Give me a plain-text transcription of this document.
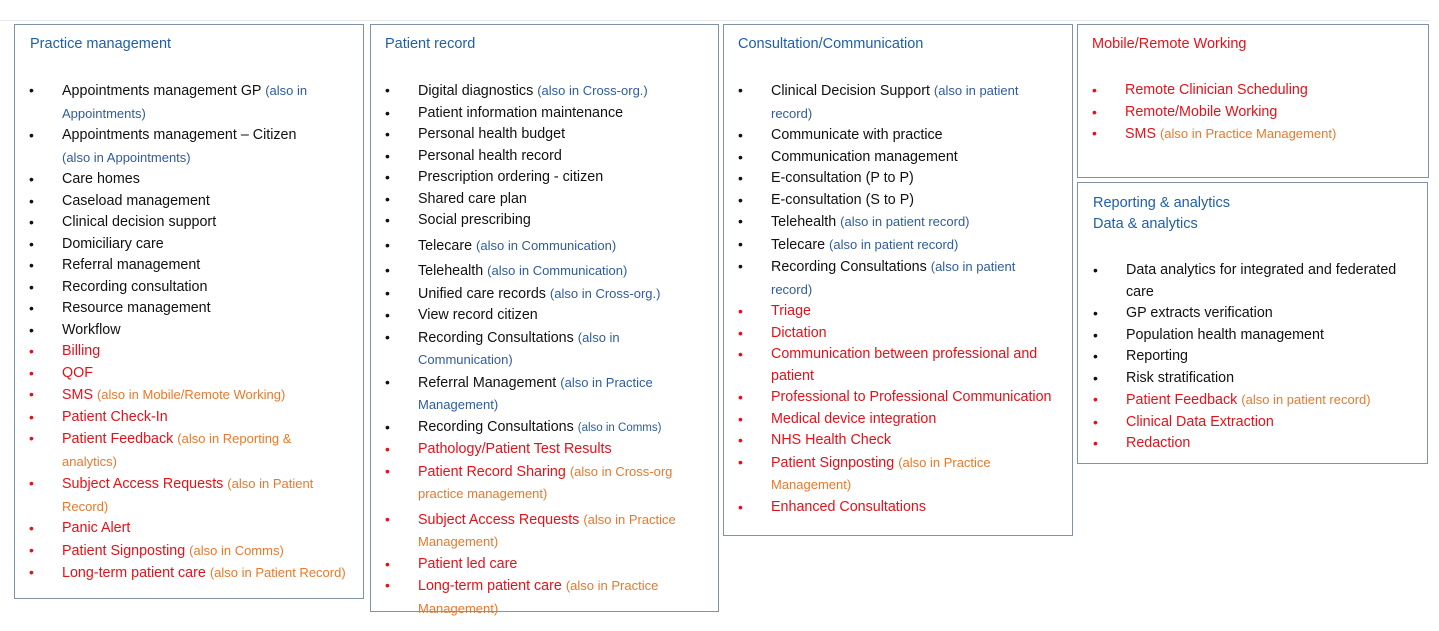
Practice management
•	Appointments management GP (also in Appointments)
•	Appointments management – Citizen
(also in Appointments)
•	Care homes
•	Caseload management
•	Clinical decision support
•	Domiciliary care
•	Referral management
•	Recording consultation
•	Resource management
•	Workflow
•	Billing
•	QOF
•	SMS (also in Mobile/Remote Working)
•	Patient Check-In
•	Patient Feedback (also in Reporting & analytics)
•	Subject Access Requests (also in Patient Record)
•	Panic Alert
•	Patient Signposting (also in Comms)
•	Long-term patient care (also in Patient Record)
Patient record
•	Digital diagnostics (also in Cross-org.)
•	Patient information maintenance
•	Personal health budget
•	Personal health record
•	Prescription ordering - citizen
•	Shared care plan
•	Social prescribing
•	Telecare (also in Communication)
•	Telehealth (also in Communication)
•	Unified care records (also in Cross-org.)
•	View record citizen
•	Recording Consultations (also in Communication)
•	Referral Management (also in Practice Management)
•	Recording Consultations (also in Comms)
•	Pathology/Patient Test Results
•	Patient Record Sharing (also in Cross-org practice management)
•	Subject Access Requests (also in Practice Management)
•	Patient led care
•	Long-term patient care (also in Practice Management)
Consultation/Communication
•	Clinical Decision Support (also in patient record)
•	Communicate with practice
•	Communication management
•	E-consultation (P to P)
•	E-consultation (S to P)
•	Telehealth (also in patient record)
•	Telecare (also in patient record)
•	Recording Consultations (also in patient record)
•	Triage
•	Dictation
•	Communication between professional and patient
•	Professional to Professional Communication
•	Medical device integration
•	NHS Health Check
•	Patient Signposting (also in Practice Management)
•	Enhanced Consultations
Mobile/Remote Working
•	Remote Clinician Scheduling
•	Remote/Mobile Working
•	SMS (also in Practice Management)
Reporting & analytics
Data & analytics
•	Data analytics for integrated and federated care
•	GP extracts verification
•	Population health management
•	Reporting
•	Risk stratification
•	Patient Feedback (also in patient record)
•	Clinical Data Extraction
•	Redaction
